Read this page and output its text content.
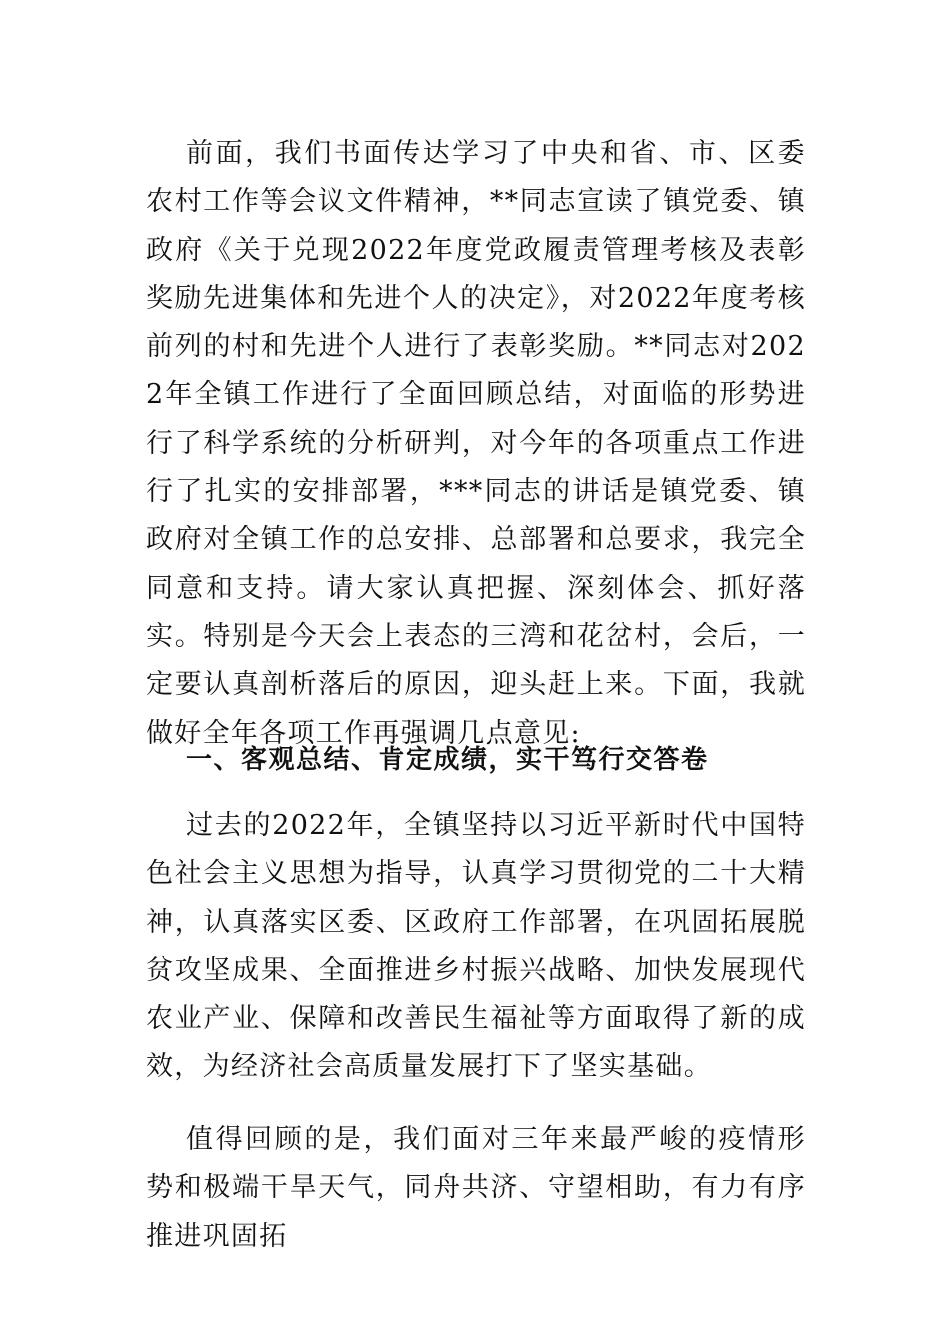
前面，我们书面传达学习了中央和省、市、区委农村工作等会议文件精神，**同志宣读了镇党委、镇政府《关于兑现2022年度党政履责管理考核及表彰奖励先进集体和先进个人的决定》，对2022年度考核前列的村和先进个人进行了表彰奖励。**同志对2022年全镇工作进行了全面回顾总结，对面临的形势进行了科学系统的分析研判，对今年的各项重点工作进行了扎实的安排部署，***同志的讲话是镇党委、镇政府对全镇工作的总安排、总部署和总要求，我完全同意和支持。请大家认真把握、深刻体会、抓好落实。特别是今天会上表态的三湾和花岔村，会后，一定要认真剖析落后的原因，迎头赶上来。下面，我就做好全年各项工作再强调几点意见:

一、客观总结、肯定成绩，实干笃行交答卷

过去的2022年，全镇坚持以习近平新时代中国特色社会主义思想为指导，认真学习贯彻党的二十大精神，认真落实区委、区政府工作部署，在巩固拓展脱贫攻坚成果、全面推进乡村振兴战略、加快发展现代农业产业、保障和改善民生福祉等方面取得了新的成效，为经济社会高质量发展打下了坚实基础。

值得回顾的是，我们面对三年来最严峻的疫情形势和极端干旱天气，同舟共济、守望相助，有力有序推进巩固拓
